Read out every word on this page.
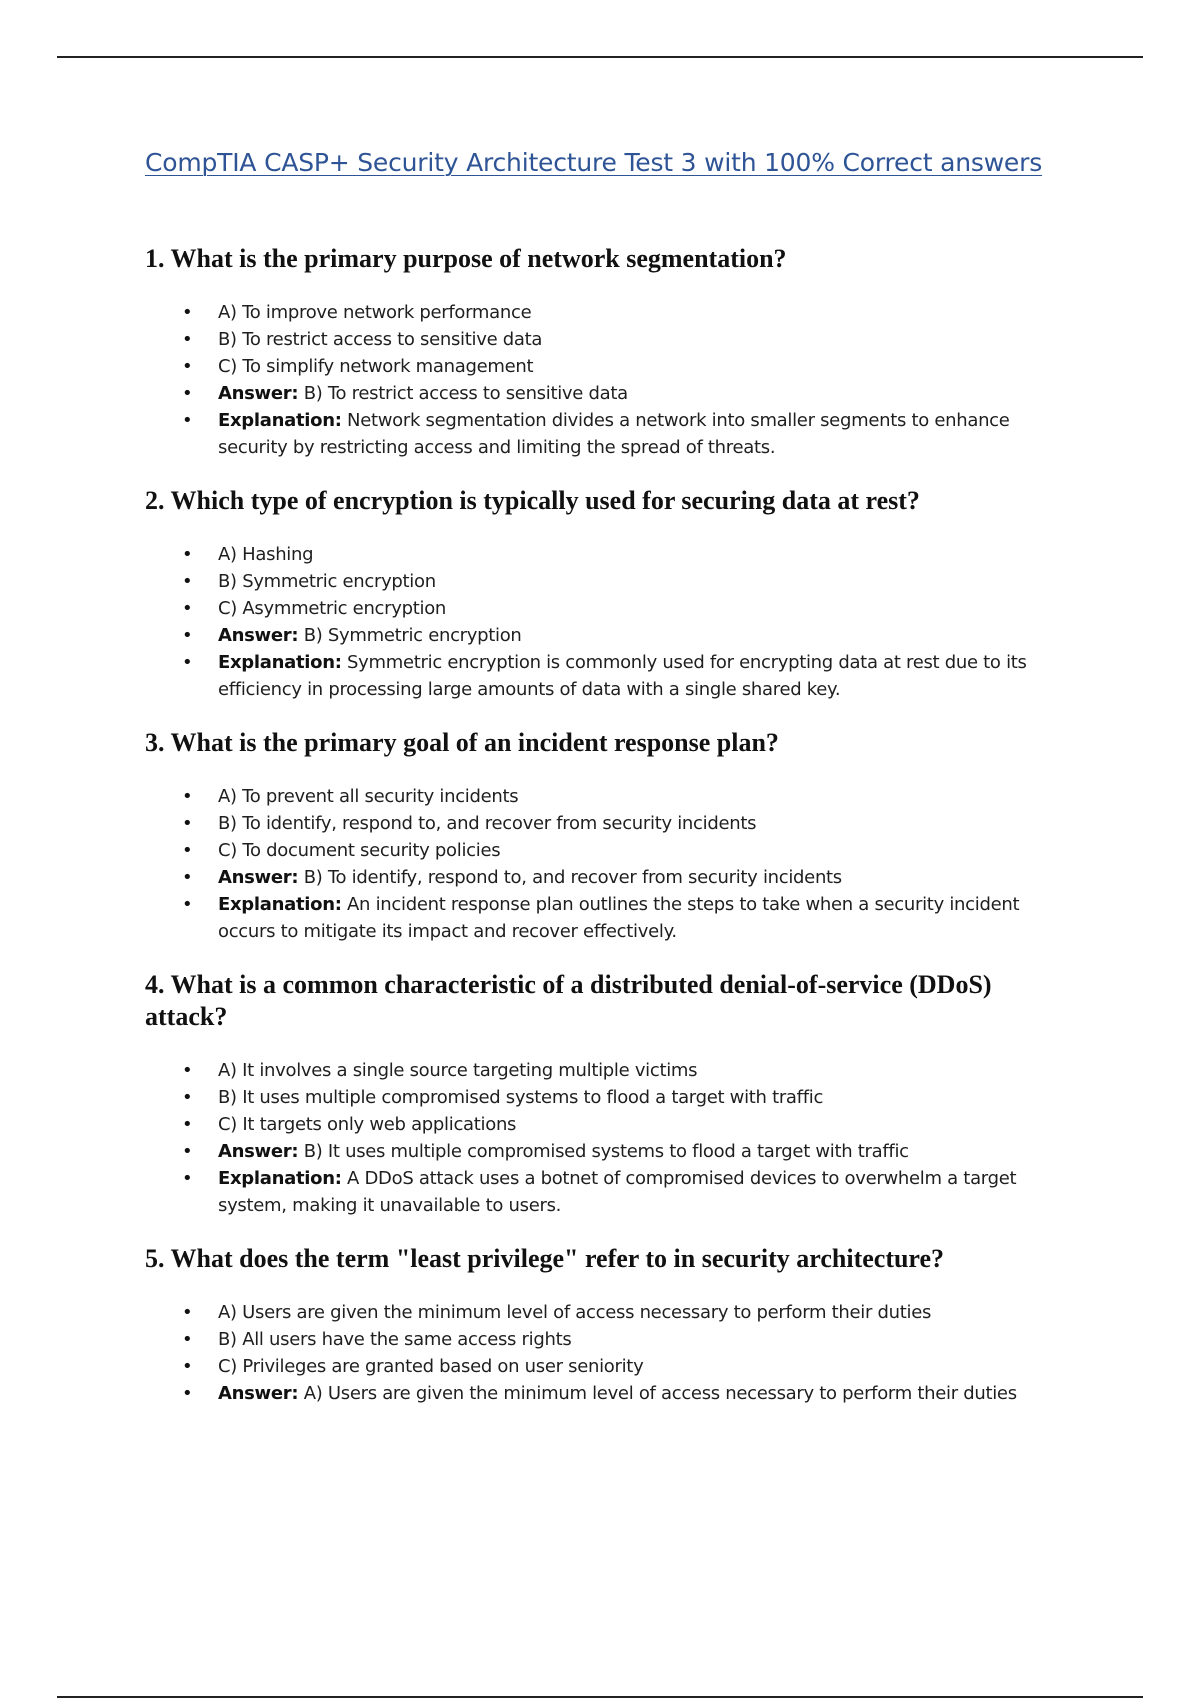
CompTIA CASP+ Security Architecture Test 3 with 100% Correct answers
1. What is the primary purpose of network segmentation?
• A) To improve network performance
• B) To restrict access to sensitive data
• C) To simplify network management
• Answer: B) To restrict access to sensitive data
• Explanation: Network segmentation divides a network into smaller segments to enhance security by restricting access and limiting the spread of threats.
2. Which type of encryption is typically used for securing data at rest?
• A) Hashing
• B) Symmetric encryption
• C) Asymmetric encryption
• Answer: B) Symmetric encryption
• Explanation: Symmetric encryption is commonly used for encrypting data at rest due to its efficiency in processing large amounts of data with a single shared key.
3. What is the primary goal of an incident response plan?
• A) To prevent all security incidents
• B) To identify, respond to, and recover from security incidents
• C) To document security policies
• Answer: B) To identify, respond to, and recover from security incidents
• Explanation: An incident response plan outlines the steps to take when a security incident occurs to mitigate its impact and recover effectively.
4. What is a common characteristic of a distributed denial-of-service (DDoS) attack?
• A) It involves a single source targeting multiple victims
• B) It uses multiple compromised systems to flood a target with traffic
• C) It targets only web applications
• Answer: B) It uses multiple compromised systems to flood a target with traffic
• Explanation: A DDoS attack uses a botnet of compromised devices to overwhelm a target system, making it unavailable to users.
5. What does the term "least privilege" refer to in security architecture?
• A) Users are given the minimum level of access necessary to perform their duties
• B) All users have the same access rights
• C) Privileges are granted based on user seniority
• Answer: A) Users are given the minimum level of access necessary to perform their duties
